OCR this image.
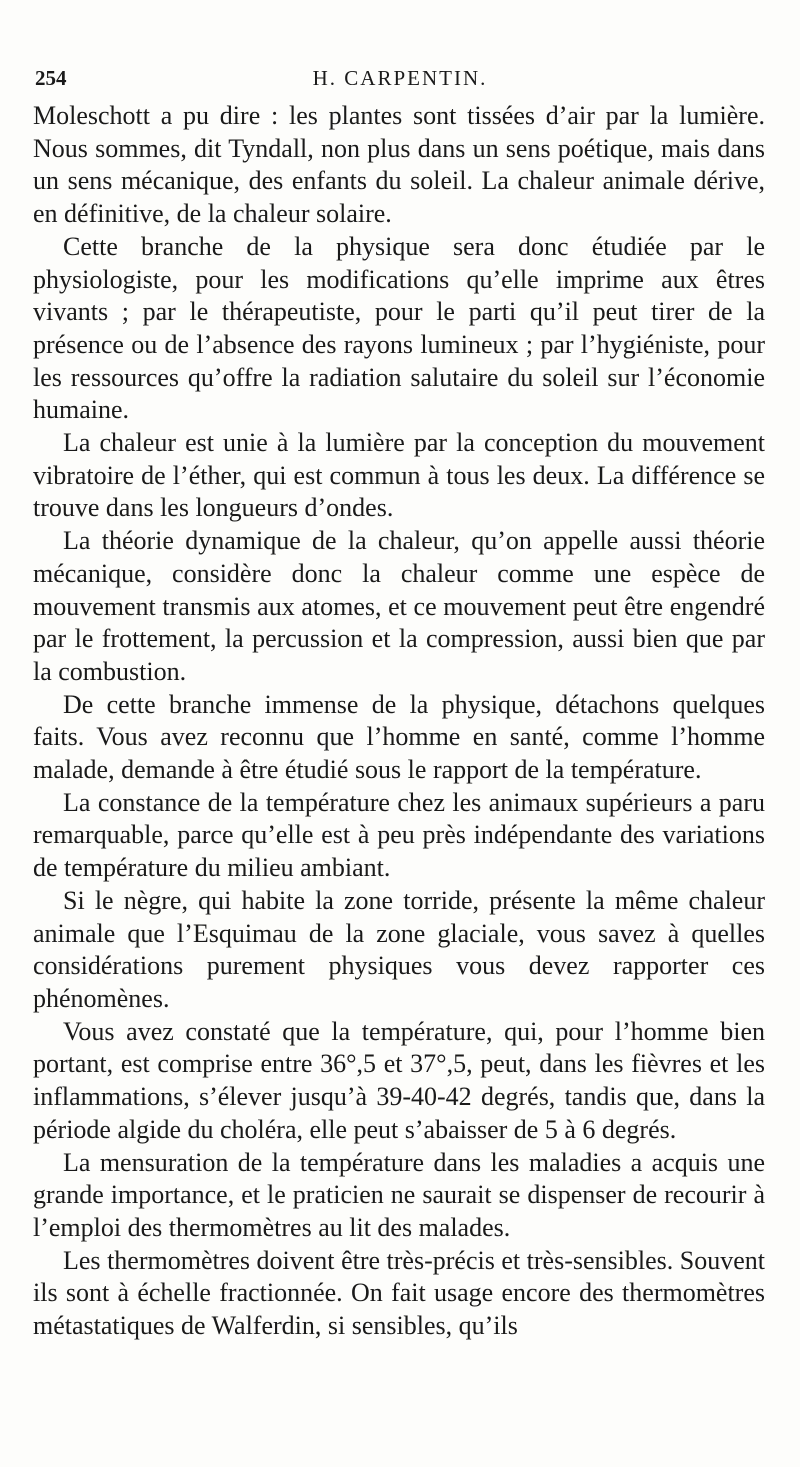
254	H. CARPENTIN.

Moleschott a pu dire : les plantes sont tissées d’air par la lumière. Nous sommes, dit Tyndall, non plus dans un sens poétique, mais dans un sens mécanique, des enfants du soleil. La chaleur animale dérive, en définitive, de la chaleur solaire.

Cette branche de la physique sera donc étudiée par le physiologiste, pour les modifications qu’elle imprime aux êtres vivants ; par le thérapeutiste, pour le parti qu’il peut tirer de la présence ou de l’absence des rayons lumineux ; par l’hygiéniste, pour les ressources qu’offre la radiation salutaire du soleil sur l’économie humaine.

La chaleur est unie à la lumière par la conception du mouvement vibratoire de l’éther, qui est commun à tous les deux. La différence se trouve dans les longueurs d’ondes.

La théorie dynamique de la chaleur, qu’on appelle aussi théorie mécanique, considère donc la chaleur comme une espèce de mouvement transmis aux atomes, et ce mouvement peut être engendré par le frottement, la percussion et la compression, aussi bien que par la combustion.

De cette branche immense de la physique, détachons quelques faits. Vous avez reconnu que l’homme en santé, comme l’homme malade, demande à être étudié sous le rapport de la température.

La constance de la température chez les animaux supérieurs a paru remarquable, parce qu’elle est à peu près indépendante des variations de température du milieu ambiant.

Si le nègre, qui habite la zone torride, présente la même chaleur animale que l’Esquimau de la zone glaciale, vous savez à quelles considérations purement physiques vous devez rapporter ces phénomènes.

Vous avez constaté que la température, qui, pour l’homme bien portant, est comprise entre 36°,5 et 37°,5, peut, dans les fièvres et les inflammations, s’élever jusqu’à 39-40-42 degrés, tandis que, dans la période algide du choléra, elle peut s’abaisser de 5 à 6 degrés.

La mensuration de la température dans les maladies a acquis une grande importance, et le praticien ne saurait se dispenser de recourir à l’emploi des thermomètres au lit des malades.

Les thermomètres doivent être très-précis et très-sensibles. Souvent ils sont à échelle fractionnée. On fait usage encore des thermomètres métastatiques de Walferdin, si sensibles, qu’ils
